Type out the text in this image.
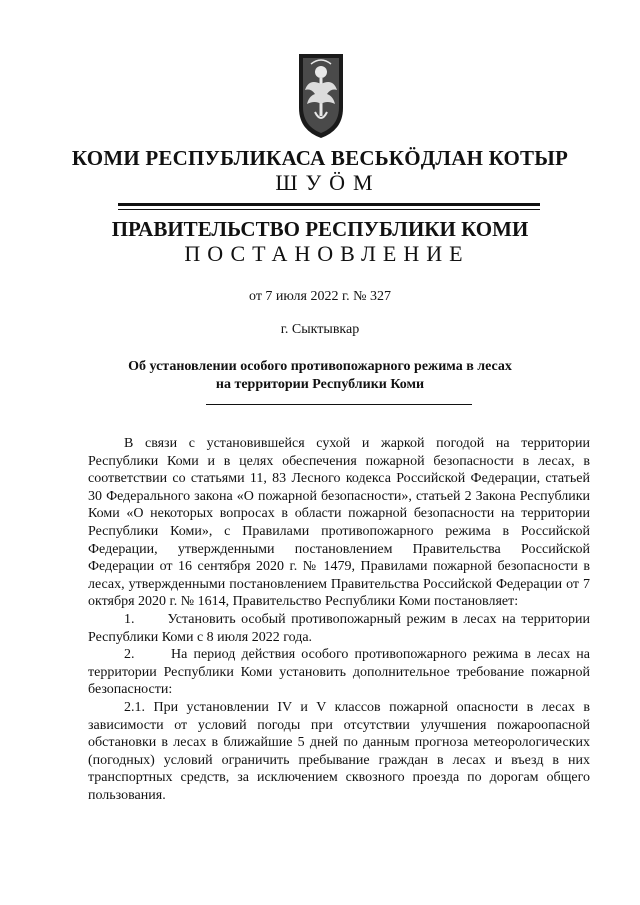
КОМИ РЕСПУБЛИКАСА ВЕСЬКӦДЛАН КОТЫР
ШУӦМ
ПРАВИТЕЛЬСТВО РЕСПУБЛИКИ КОМИ
ПОСТАНОВЛЕНИЕ
от 7 июля 2022 г. № 327
г. Сыктывкар
Об установлении особого противопожарного режима в лесах
на территории Республики Коми

В связи с установившейся сухой и жаркой погодой на территории Республики Коми и в целях обеспечения пожарной безопасности в лесах, в соответствии со статьями 11, 83 Лесного кодекса Российской Федерации, статьей 30 Федерального закона «О пожарной безопасности», статьей 2 Закона Республики Коми «О некоторых вопросах в области пожарной безопасности на территории Республики Коми», с Правилами противопожарного режима в Российской Федерации, утвержденными постановлением Правительства Российской Федерации от 16 сентября 2020 г. № 1479, Правилами пожарной безопасности в лесах, утвержденными постановлением Правительства Российской Федерации от 7 октября 2020 г. № 1614, Правительство Республики Коми постановляет:

1.      Установить особый противопожарный режим в лесах на территории Республики Коми с 8 июля 2022 года.

2.      На период действия особого противопожарного режима в лесах на территории Республики Коми установить дополнительное требование пожарной безопасности:

2.1. При установлении IV и V классов пожарной опасности в лесах в зависимости от условий погоды при отсутствии улучшения пожароопасной обстановки в лесах в ближайшие 5 дней по данным прогноза метеорологических (погодных) условий ограничить пребывание граждан в лесах и въезд в них транспортных средств, за исключением сквозного проезда по дорогам общего пользования.
